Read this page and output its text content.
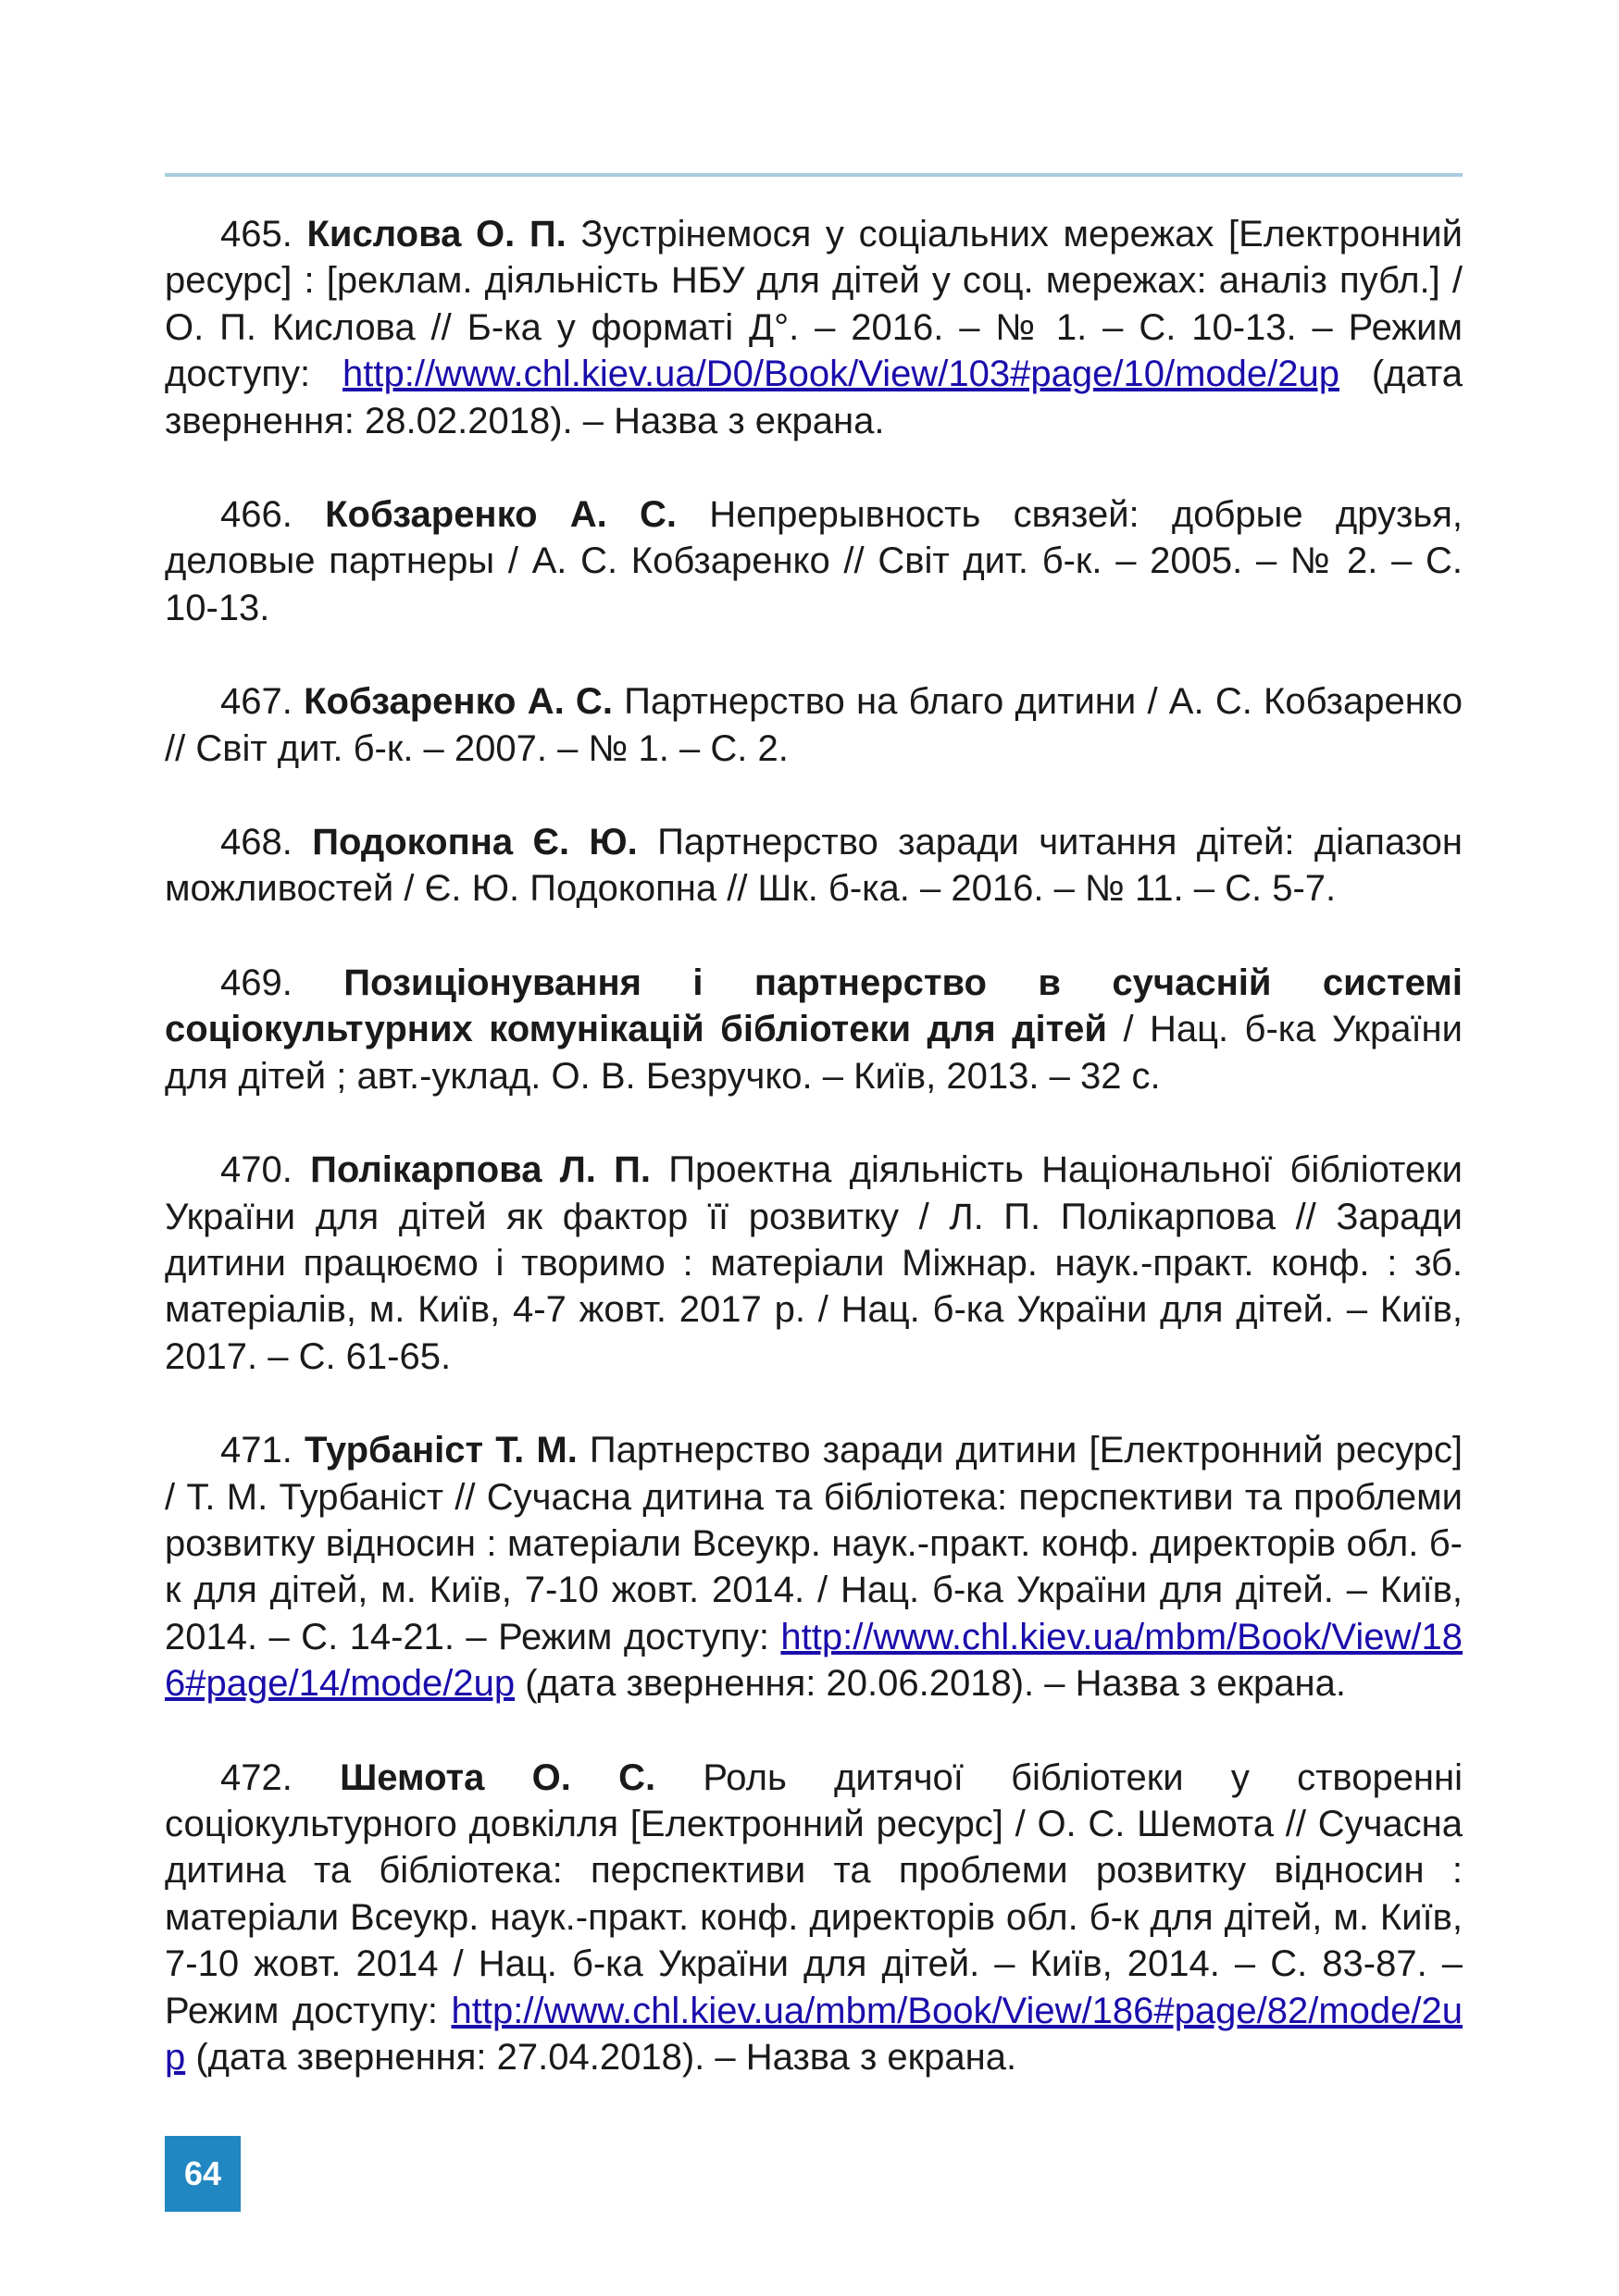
465. Кислова О. П. Зустрінемося у соціальних мережах [Електронний ресурс] : [реклам. діяльність НБУ для дітей у соц. мережах: аналіз публ.] / О. П. Кислова // Б-ка у форматі Д°. – 2016. – № 1. – С. 10-13. – Режим доступу: http://www.chl.kiev.ua/D0/Book/View/103#page/10/mode/2up (дата звернення: 28.02.2018). – Назва з екрана.

466. Кобзаренко А. С. Непрерывность связей: добрые друзья, деловые партнеры / А. С. Кобзаренко // Світ дит. б-к. – 2005. – № 2. – С. 10-13.

467. Кобзаренко А. С. Партнерство на благо дитини / А. С. Кобзаренко // Світ дит. б-к. – 2007. – № 1. – С. 2.

468. Подокопна Є. Ю. Партнерство заради читання дітей: діапазон можливостей / Є. Ю. Подокопна // Шк. б-ка. – 2016. – № 11. – С. 5-7.

469. Позиціонування і партнерство в сучасній системі соціокультурних комунікацій бібліотеки для дітей / Нац. б-ка України для дітей ; авт.-уклад. О. В. Безручко. – Київ, 2013. – 32 с.

470. Полікарпова Л. П. Проектна діяльність Національної бібліотеки України для дітей як фактор її розвитку / Л. П. Полікарпова // Заради дитини працюємо і творимо : матеріали Міжнар. наук.-практ. конф. : зб. матеріалів, м. Київ, 4-7 жовт. 2017 р. / Нац. б-ка України для дітей. – Київ, 2017. – С. 61-65.

471. Турбаніст Т. М. Партнерство заради дитини [Електронний ресурс] / Т. М. Турбаніст // Сучасна дитина та бібліотека: перспективи та проблеми розвитку відносин : матеріали Всеукр. наук.-практ. конф. директорів обл. б-к для дітей, м. Київ, 7-10 жовт. 2014. / Нац. б-ка України для дітей. – Київ, 2014. – С. 14-21. – Режим доступу: http://www.chl.kiev.ua/mbm/Book/View/186#page/14/mode/2up (дата звернення: 20.06.2018). – Назва з екрана.

472. Шемота О. С. Роль дитячої бібліотеки у створенні соціокультурного довкілля [Електронний ресурс] / О. С. Шемота // Сучасна дитина та бібліотека: перспективи та проблеми розвитку відносин : матеріали Всеукр. наук.-практ. конф. директорів обл. б-к для дітей, м. Київ, 7-10 жовт. 2014 / Нац. б-ка України для дітей. – Київ, 2014. – С. 83-87. – Режим доступу: http://www.chl.kiev.ua/mbm/Book/View/186#page/82/mode/2up (дата звернення: 27.04.2018). – Назва з екрана.

64
